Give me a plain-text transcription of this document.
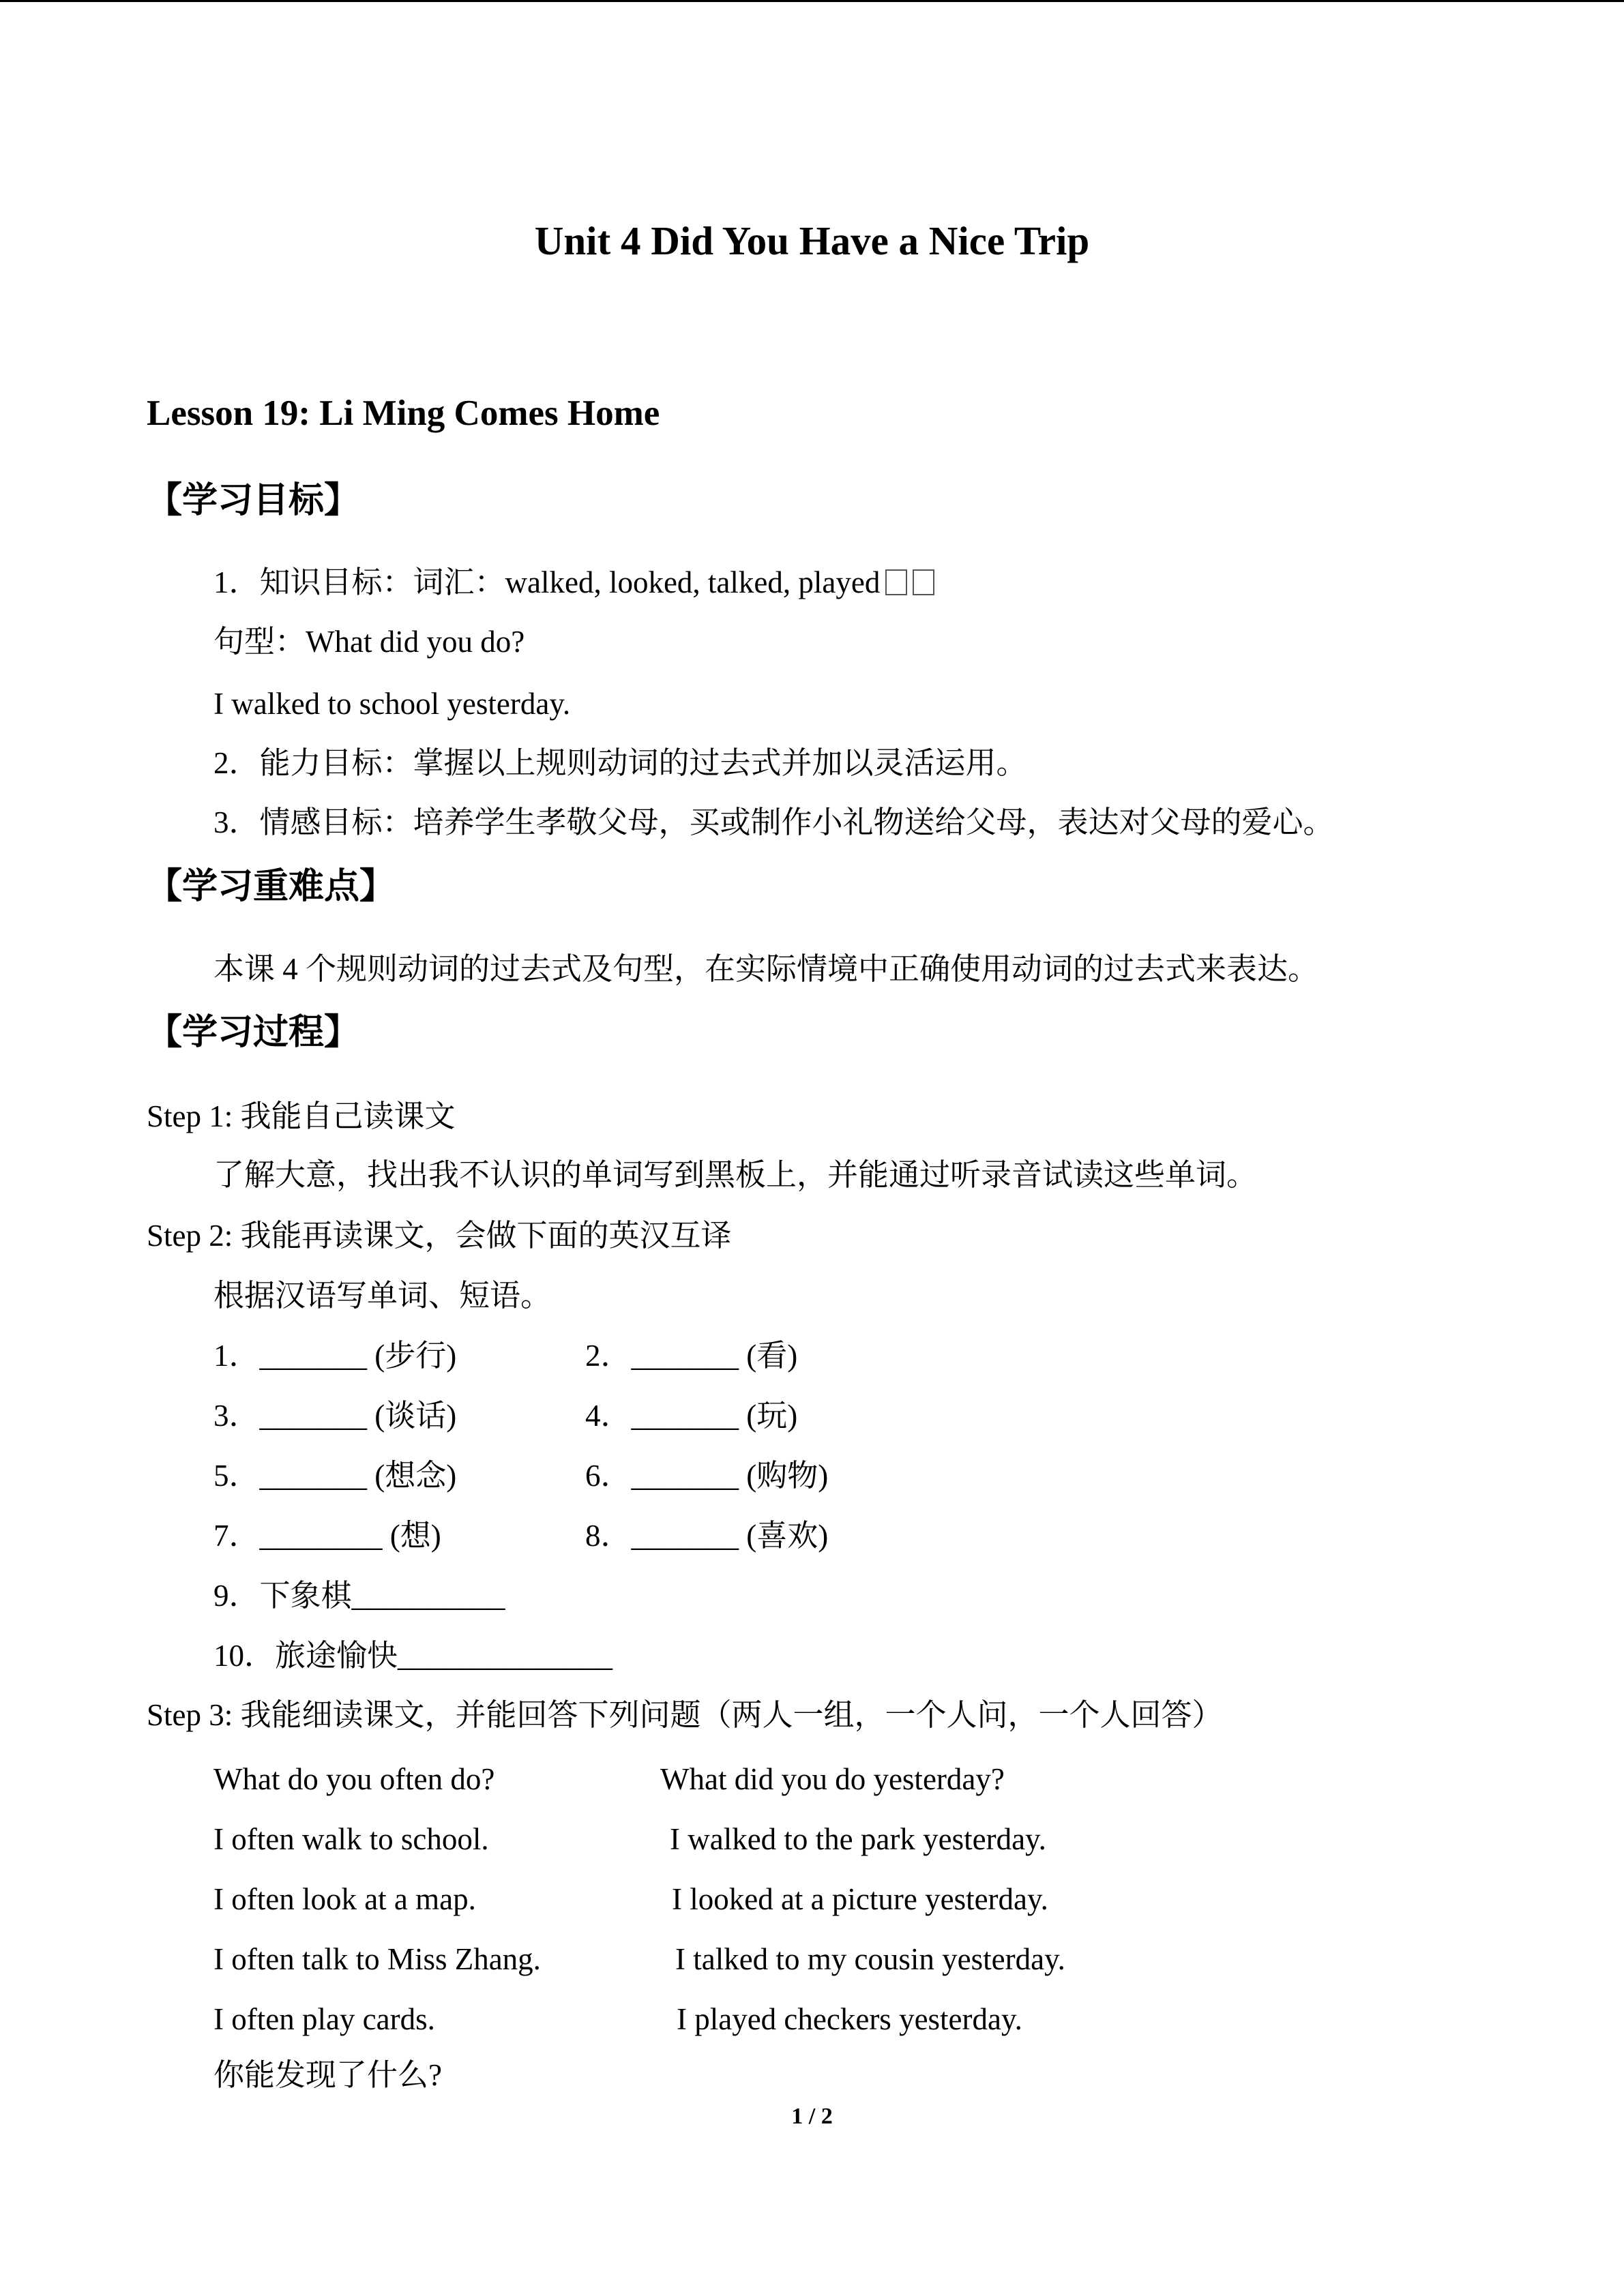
Unit 4 Did You Have a Nice Trip
Lesson 19: Li Ming Comes Home
【学习目标】
1．知识目标：词汇：walked, looked, talked, played
句型：What did you do?
I walked to school yesterday.
2．能力目标：掌握以上规则动词的过去式并加以灵活运用。
3．情感目标：培养学生孝敬父母，买或制作小礼物送给父母，表达对父母的爱心。
【学习重难点】
本课 4 个规则动词的过去式及句型，在实际情境中正确使用动词的过去式来表达。
【学习过程】
Step 1: 我能自己读课文
了解大意，找出我不认识的单词写到黑板上，并能通过听录音试读这些单词。
Step 2: 我能再读课文，会做下面的英汉互译
根据汉语写单词、短语。
1．_______ (步行)	2．_______ (看)
3．_______ (谈话)	4．_______ (玩)
5．_______ (想念)	6．_______ (购物)
7．________ (想)	8．_______ (喜欢)
9．下象棋__________
10．旅途愉快______________
Step 3: 我能细读课文，并能回答下列问题（两人一组，一个人问，一个人回答）
What do you often do?	What did you do yesterday?
I often walk to school.	I walked to the park yesterday.
I often look at a map.	I looked at a picture yesterday.
I often talk to Miss Zhang.	I talked to my cousin yesterday.
I often play cards.	I played checkers yesterday.
你能发现了什么?
1 / 2
